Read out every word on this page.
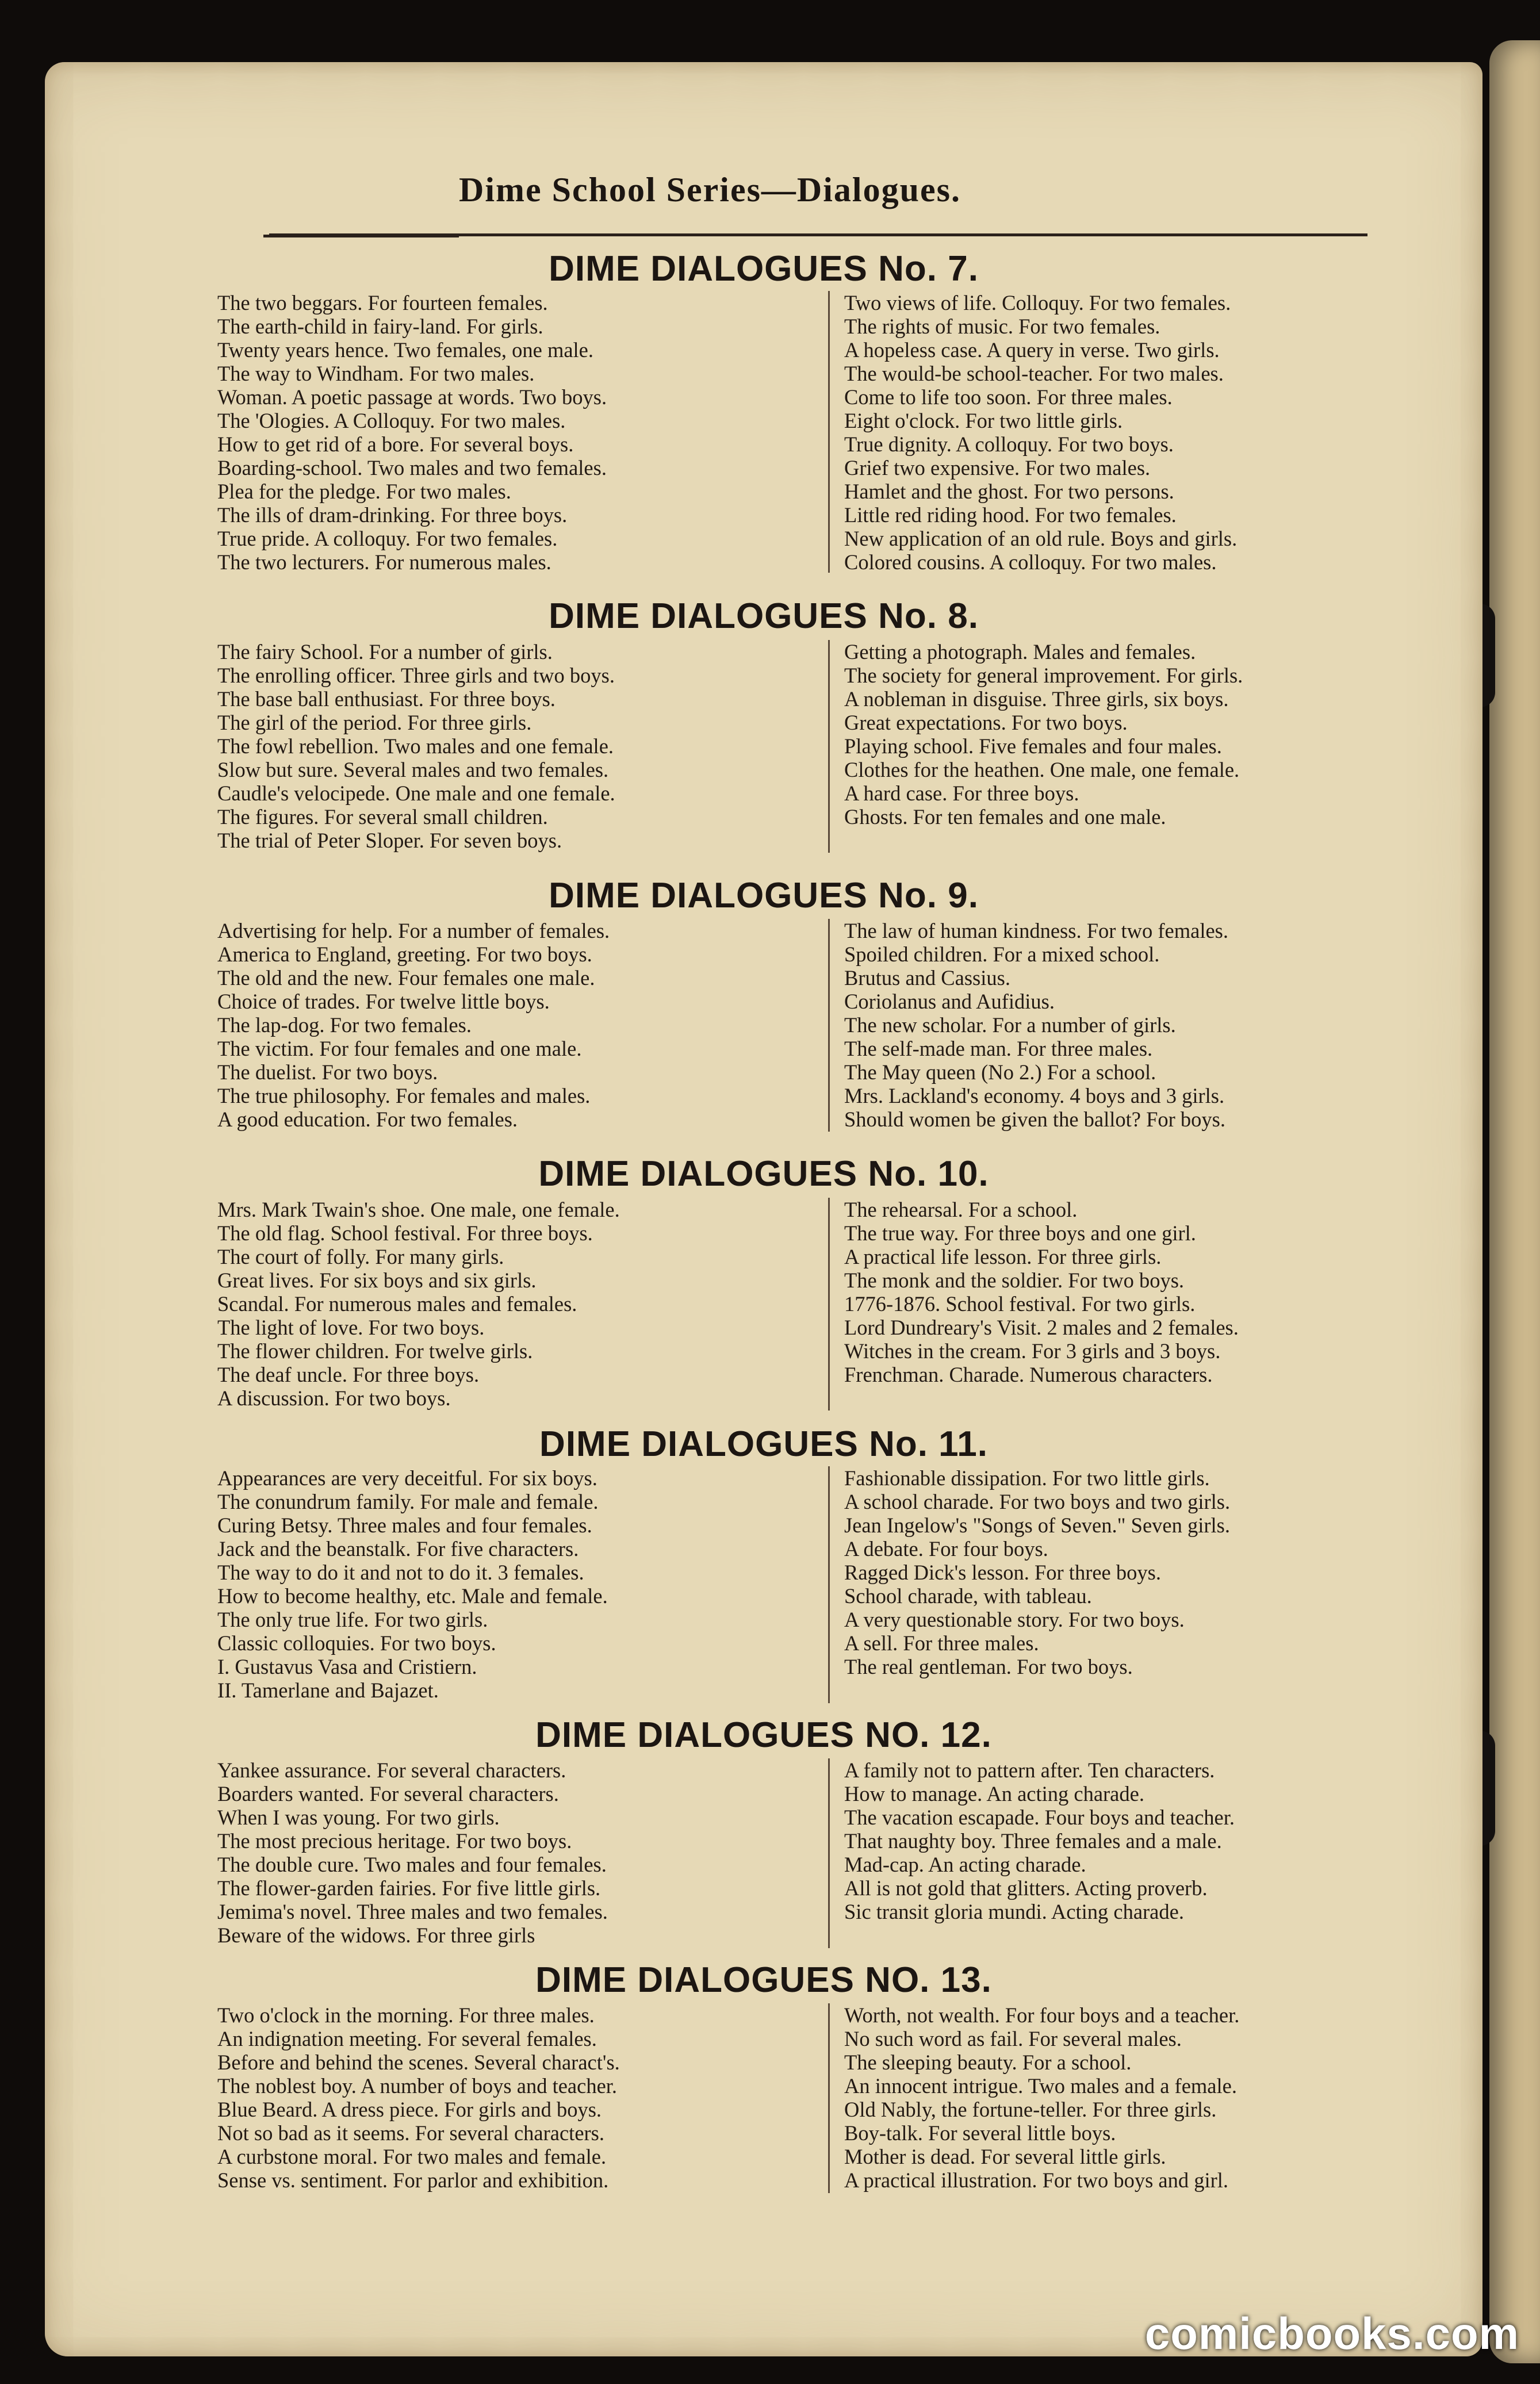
Dime School Series—Dialogues.
DIME DIALOGUES No. 7.
The two beggars. For fourteen females.
The earth-child in fairy-land. For girls.
Twenty years hence. Two females, one male.
The way to Windham. For two males.
Woman. A poetic passage at words. Two boys.
The 'Ologies. A Colloquy. For two males.
How to get rid of a bore. For several boys.
Boarding-school. Two males and two females.
Plea for the pledge. For two males.
The ills of dram-drinking. For three boys.
True pride. A colloquy. For two females.
The two lecturers. For numerous males.
Two views of life. Colloquy. For two females.
The rights of music. For two females.
A hopeless case. A query in verse. Two girls.
The would-be school-teacher. For two males.
Come to life too soon. For three males.
Eight o'clock. For two little girls.
True dignity. A colloquy. For two boys.
Grief two expensive. For two males.
Hamlet and the ghost. For two persons.
Little red riding hood. For two females.
New application of an old rule. Boys and girls.
Colored cousins. A colloquy. For two males.
DIME DIALOGUES No. 8.
The fairy School. For a number of girls.
The enrolling officer. Three girls and two boys.
The base ball enthusiast. For three boys.
The girl of the period. For three girls.
The fowl rebellion. Two males and one female.
Slow but sure. Several males and two females.
Caudle's velocipede. One male and one female.
The figures. For several small children.
The trial of Peter Sloper. For seven boys.
Getting a photograph. Males and females.
The society for general improvement. For girls.
A nobleman in disguise. Three girls, six boys.
Great expectations. For two boys.
Playing school. Five females and four males.
Clothes for the heathen. One male, one female.
A hard case. For three boys.
Ghosts. For ten females and one male.
DIME DIALOGUES No. 9.
Advertising for help. For a number of females.
America to England, greeting. For two boys.
The old and the new. Four females one male.
Choice of trades. For twelve little boys.
The lap-dog. For two females.
The victim. For four females and one male.
The duelist. For two boys.
The true philosophy. For females and males.
A good education. For two females.
The law of human kindness. For two females.
Spoiled children. For a mixed school.
Brutus and Cassius.
Coriolanus and Aufidius.
The new scholar. For a number of girls.
The self-made man. For three males.
The May queen (No 2.) For a school.
Mrs. Lackland's economy. 4 boys and 3 girls.
Should women be given the ballot? For boys.
DIME DIALOGUES No. 10.
Mrs. Mark Twain's shoe. One male, one female.
The old flag. School festival. For three boys.
The court of folly. For many girls.
Great lives. For six boys and six girls.
Scandal. For numerous males and females.
The light of love. For two boys.
The flower children. For twelve girls.
The deaf uncle. For three boys.
A discussion. For two boys.
The rehearsal. For a school.
The true way. For three boys and one girl.
A practical life lesson. For three girls.
The monk and the soldier. For two boys.
1776-1876. School festival. For two girls.
Lord Dundreary's Visit. 2 males and 2 females.
Witches in the cream. For 3 girls and 3 boys.
Frenchman. Charade. Numerous characters.
DIME DIALOGUES No. 11.
Appearances are very deceitful. For six boys.
The conundrum family. For male and female.
Curing Betsy. Three males and four females.
Jack and the beanstalk. For five characters.
The way to do it and not to do it. 3 females.
How to become healthy, etc. Male and female.
The only true life. For two girls.
Classic colloquies. For two boys.
I. Gustavus Vasa and Cristiern.
II. Tamerlane and Bajazet.
Fashionable dissipation. For two little girls.
A school charade. For two boys and two girls.
Jean Ingelow's "Songs of Seven." Seven girls.
A debate. For four boys.
Ragged Dick's lesson. For three boys.
School charade, with tableau.
A very questionable story. For two boys.
A sell. For three males.
The real gentleman. For two boys.
DIME DIALOGUES NO. 12.
Yankee assurance. For several characters.
Boarders wanted. For several characters.
When I was young. For two girls.
The most precious heritage. For two boys.
The double cure. Two males and four females.
The flower-garden fairies. For five little girls.
Jemima's novel. Three males and two females.
Beware of the widows. For three girls
A family not to pattern after. Ten characters.
How to manage. An acting charade.
The vacation escapade. Four boys and teacher.
That naughty boy. Three females and a male.
Mad-cap. An acting charade.
All is not gold that glitters. Acting proverb.
Sic transit gloria mundi. Acting charade.
DIME DIALOGUES NO. 13.
Two o'clock in the morning. For three males.
An indignation meeting. For several females.
Before and behind the scenes. Several charact's.
The noblest boy. A number of boys and teacher.
Blue Beard. A dress piece. For girls and boys.
Not so bad as it seems. For several characters.
A curbstone moral. For two males and female.
Sense vs. sentiment. For parlor and exhibition.
Worth, not wealth. For four boys and a teacher.
No such word as fail. For several males.
The sleeping beauty. For a school.
An innocent intrigue. Two males and a female.
Old Nably, the fortune-teller. For three girls.
Boy-talk. For several little boys.
Mother is dead. For several little girls.
A practical illustration. For two boys and girl.
comicbooks.com
